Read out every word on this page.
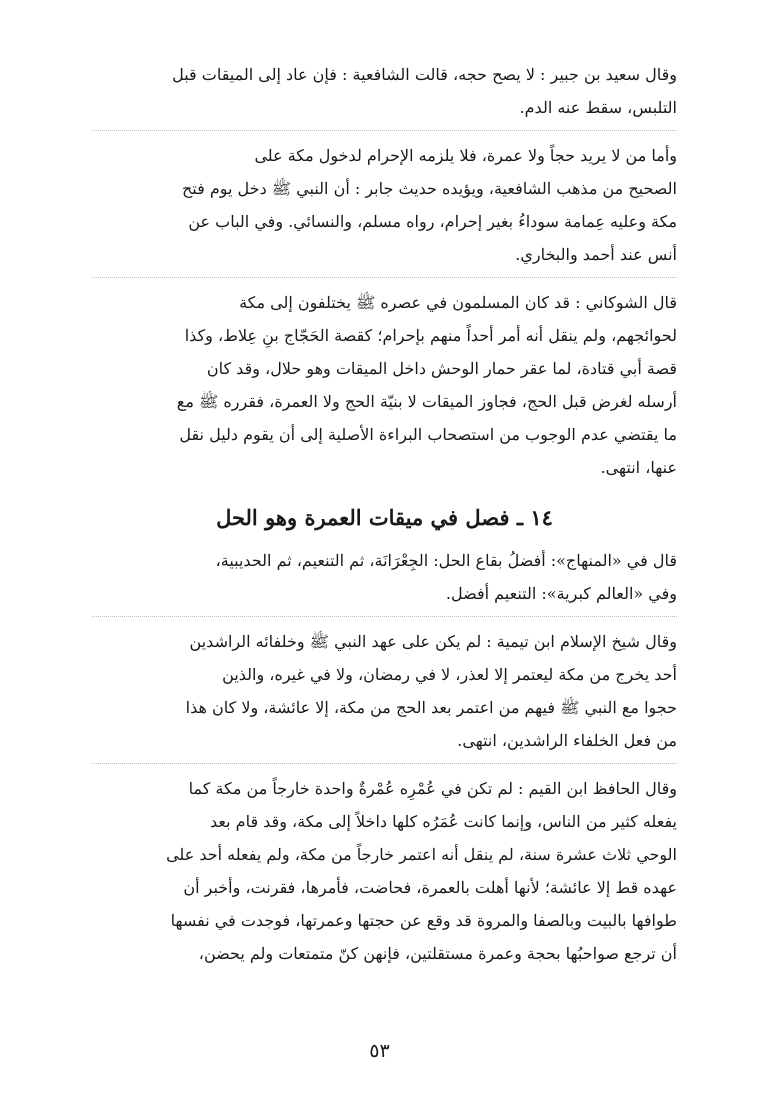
وقال سعيد بن جبير : لا يصح حجه، قالت الشافعية : فإن عاد إلى الميقات قبل

التلبس، سقط عنه الدم.

وأما من لا يريد حجاً ولا عمرة، فلا يلزمه الإحرام لدخول مكة على

الصحيح من مذهب الشافعية، ويؤيده حديث جابر : أن النبي ﷺ دخل يوم فتح

مكة وعليه عِمامة سوداءُ بغير إحرام، رواه مسلم، والنسائي. وفي الباب عن

أنس عند أحمد والبخاري.

قال الشوكاني : قد كان المسلمون في عصره ﷺ يختلفون إلى مكة

لحوائجهم، ولم ينقل أنه أمر أحداً منهم بإحرام؛ كقصة الحَجّاج بنِ عِلاط، وكذا

قصة أبي قتادة، لما عقر حمار الوحش داخل الميقات وهو حلال، وقد كان

أرسله لغرض قبل الحج، فجاوز الميقات لا بنيّة الحج ولا العمرة، فقرره ﷺ مع

ما يقتضي عدم الوجوب من استصحاب البراءة الأصلية إلى أن يقوم دليل نقل

عنها، انتهى.

١٤ ـ فصل في ميقات العمرة وهو الحل

قال في «المنهاج»: أفضلُ بقاع الحل: الجِعْرَانَة، ثم التنعيم، ثم الحديبية،

وفي «العالم كبرية»: التنعيم أفضل.

وقال شيخ الإسلام ابن تيمية : لم يكن على عهد النبي ﷺ وخلفائه الراشدين

أحد يخرج من مكة ليعتمر إلا لعذر، لا في رمضان، ولا في غيره، والذين

حجوا مع النبي ﷺ فيهم من اعتمر بعد الحج من مكة، إلا عائشة، ولا كان هذا

من فعل الخلفاء الراشدين، انتهى.

وقال الحافظ ابن القيم : لم تكن في عُمْرِه عُمْرةٌ واحدة خارجاً من مكة كما

يفعله كثير من الناس، وإنما كانت عُمَرُه كلها داخلاً إلى مكة، وقد قام بعد

الوحي ثلاث عشرة سنة، لم ينقل أنه اعتمر خارجاً من مكة، ولم يفعله أحد على

عهده قط إلا عائشة؛ لأنها أهلت بالعمرة، فحاضت، فأمرها، فقرنت، وأخبر أن

طوافها بالبيت وبالصفا والمروة قد وقع عن حجتها وعمرتها، فوجدت في نفسها

أن ترجع صواحبُها بحجة وعمرة مستقلتين، فإنهن كنّ متمتعات ولم يحضن،

٥٣
